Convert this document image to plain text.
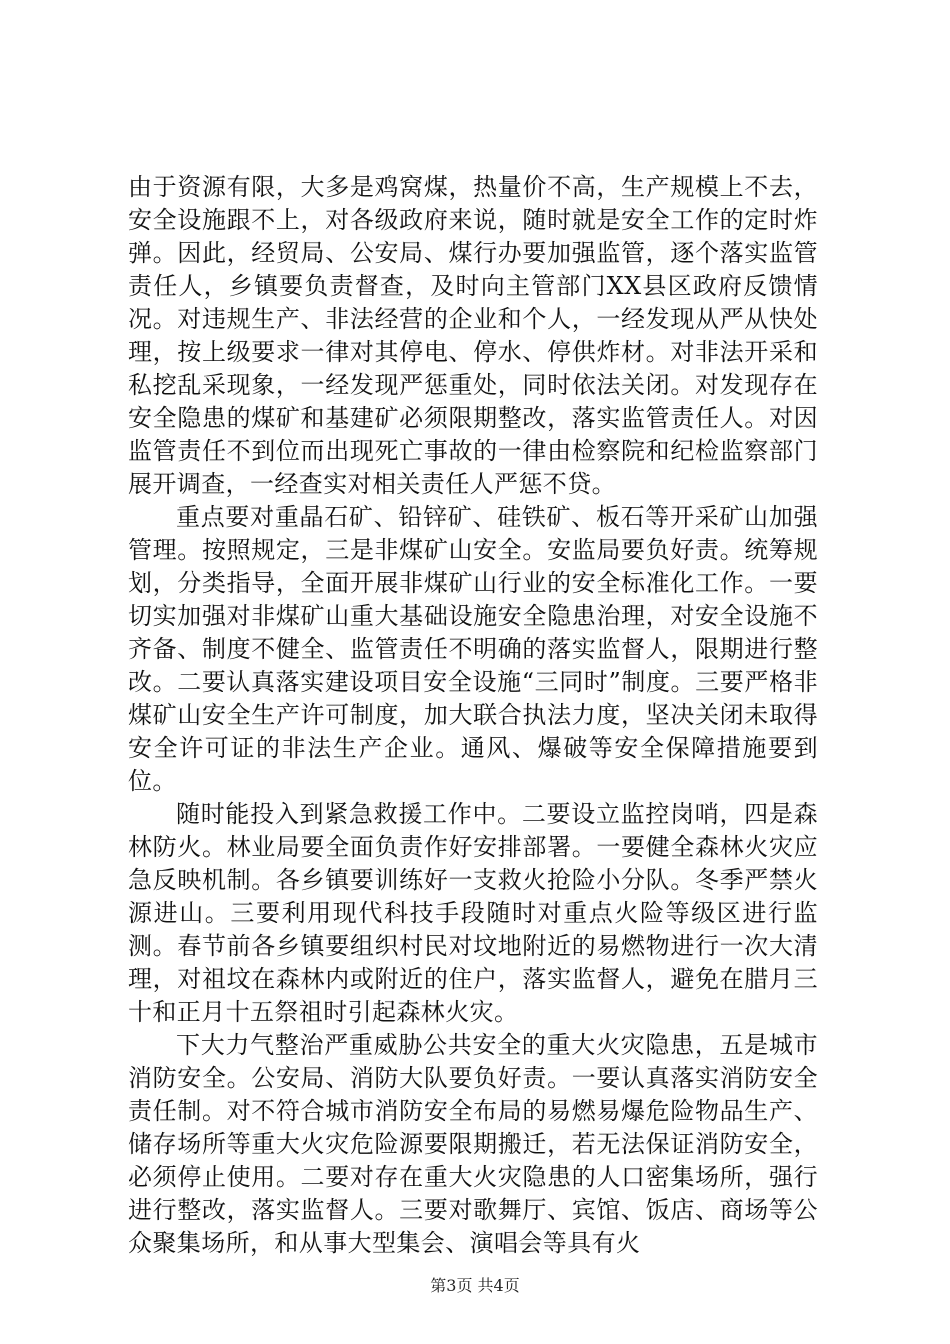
由于资源有限，大多是鸡窝煤，热量价不高，生产规模上不去，安全设施跟不上，对各级政府来说，随时就是安全工作的定时炸弹。因此，经贸局、公安局、煤行办要加强监管，逐个落实监管责任人，乡镇要负责督查，及时向主管部门XX县区政府反馈情况。对违规生产、非法经营的企业和个人，一经发现从严从快处理，按上级要求一律对其停电、停水、停供炸材。对非法开采和私挖乱采现象，一经发现严惩重处，同时依法关闭。对发现存在安全隐患的煤矿和基建矿必须限期整改，落实监管责任人。对因监管责任不到位而出现死亡事故的一律由检察院和纪检监察部门展开调查，一经查实对相关责任人严惩不贷。

重点要对重晶石矿、铅锌矿、硅铁矿、板石等开采矿山加强管理。按照规定，三是非煤矿山安全。安监局要负好责。统筹规划，分类指导，全面开展非煤矿山行业的安全标准化工作。一要切实加强对非煤矿山重大基础设施安全隐患治理，对安全设施不齐备、制度不健全、监管责任不明确的落实监督人，限期进行整改。二要认真落实建设项目安全设施“三同时”制度。三要严格非煤矿山安全生产许可制度，加大联合执法力度，坚决关闭未取得安全许可证的非法生产企业。通风、爆破等安全保障措施要到位。

随时能投入到紧急救援工作中。二要设立监控岗哨，四是森林防火。林业局要全面负责作好安排部署。一要健全森林火灾应急反映机制。各乡镇要训练好一支救火抢险小分队。冬季严禁火源进山。三要利用现代科技手段随时对重点火险等级区进行监测。春节前各乡镇要组织村民对坟地附近的易燃物进行一次大清理，对祖坟在森林内或附近的住户，落实监督人，避免在腊月三十和正月十五祭祖时引起森林火灾。

下大力气整治严重威胁公共安全的重大火灾隐患，五是城市消防安全。公安局、消防大队要负好责。一要认真落实消防安全责任制。对不符合城市消防安全布局的易燃易爆危险物品生产、储存场所等重大火灾危险源要限期搬迁，若无法保证消防安全，必须停止使用。二要对存在重大火灾隐患的人口密集场所，强行进行整改，落实监督人。三要对歌舞厅、宾馆、饭店、商场等公众聚集场所，和从事大型集会、演唱会等具有火

第3页 共4页
